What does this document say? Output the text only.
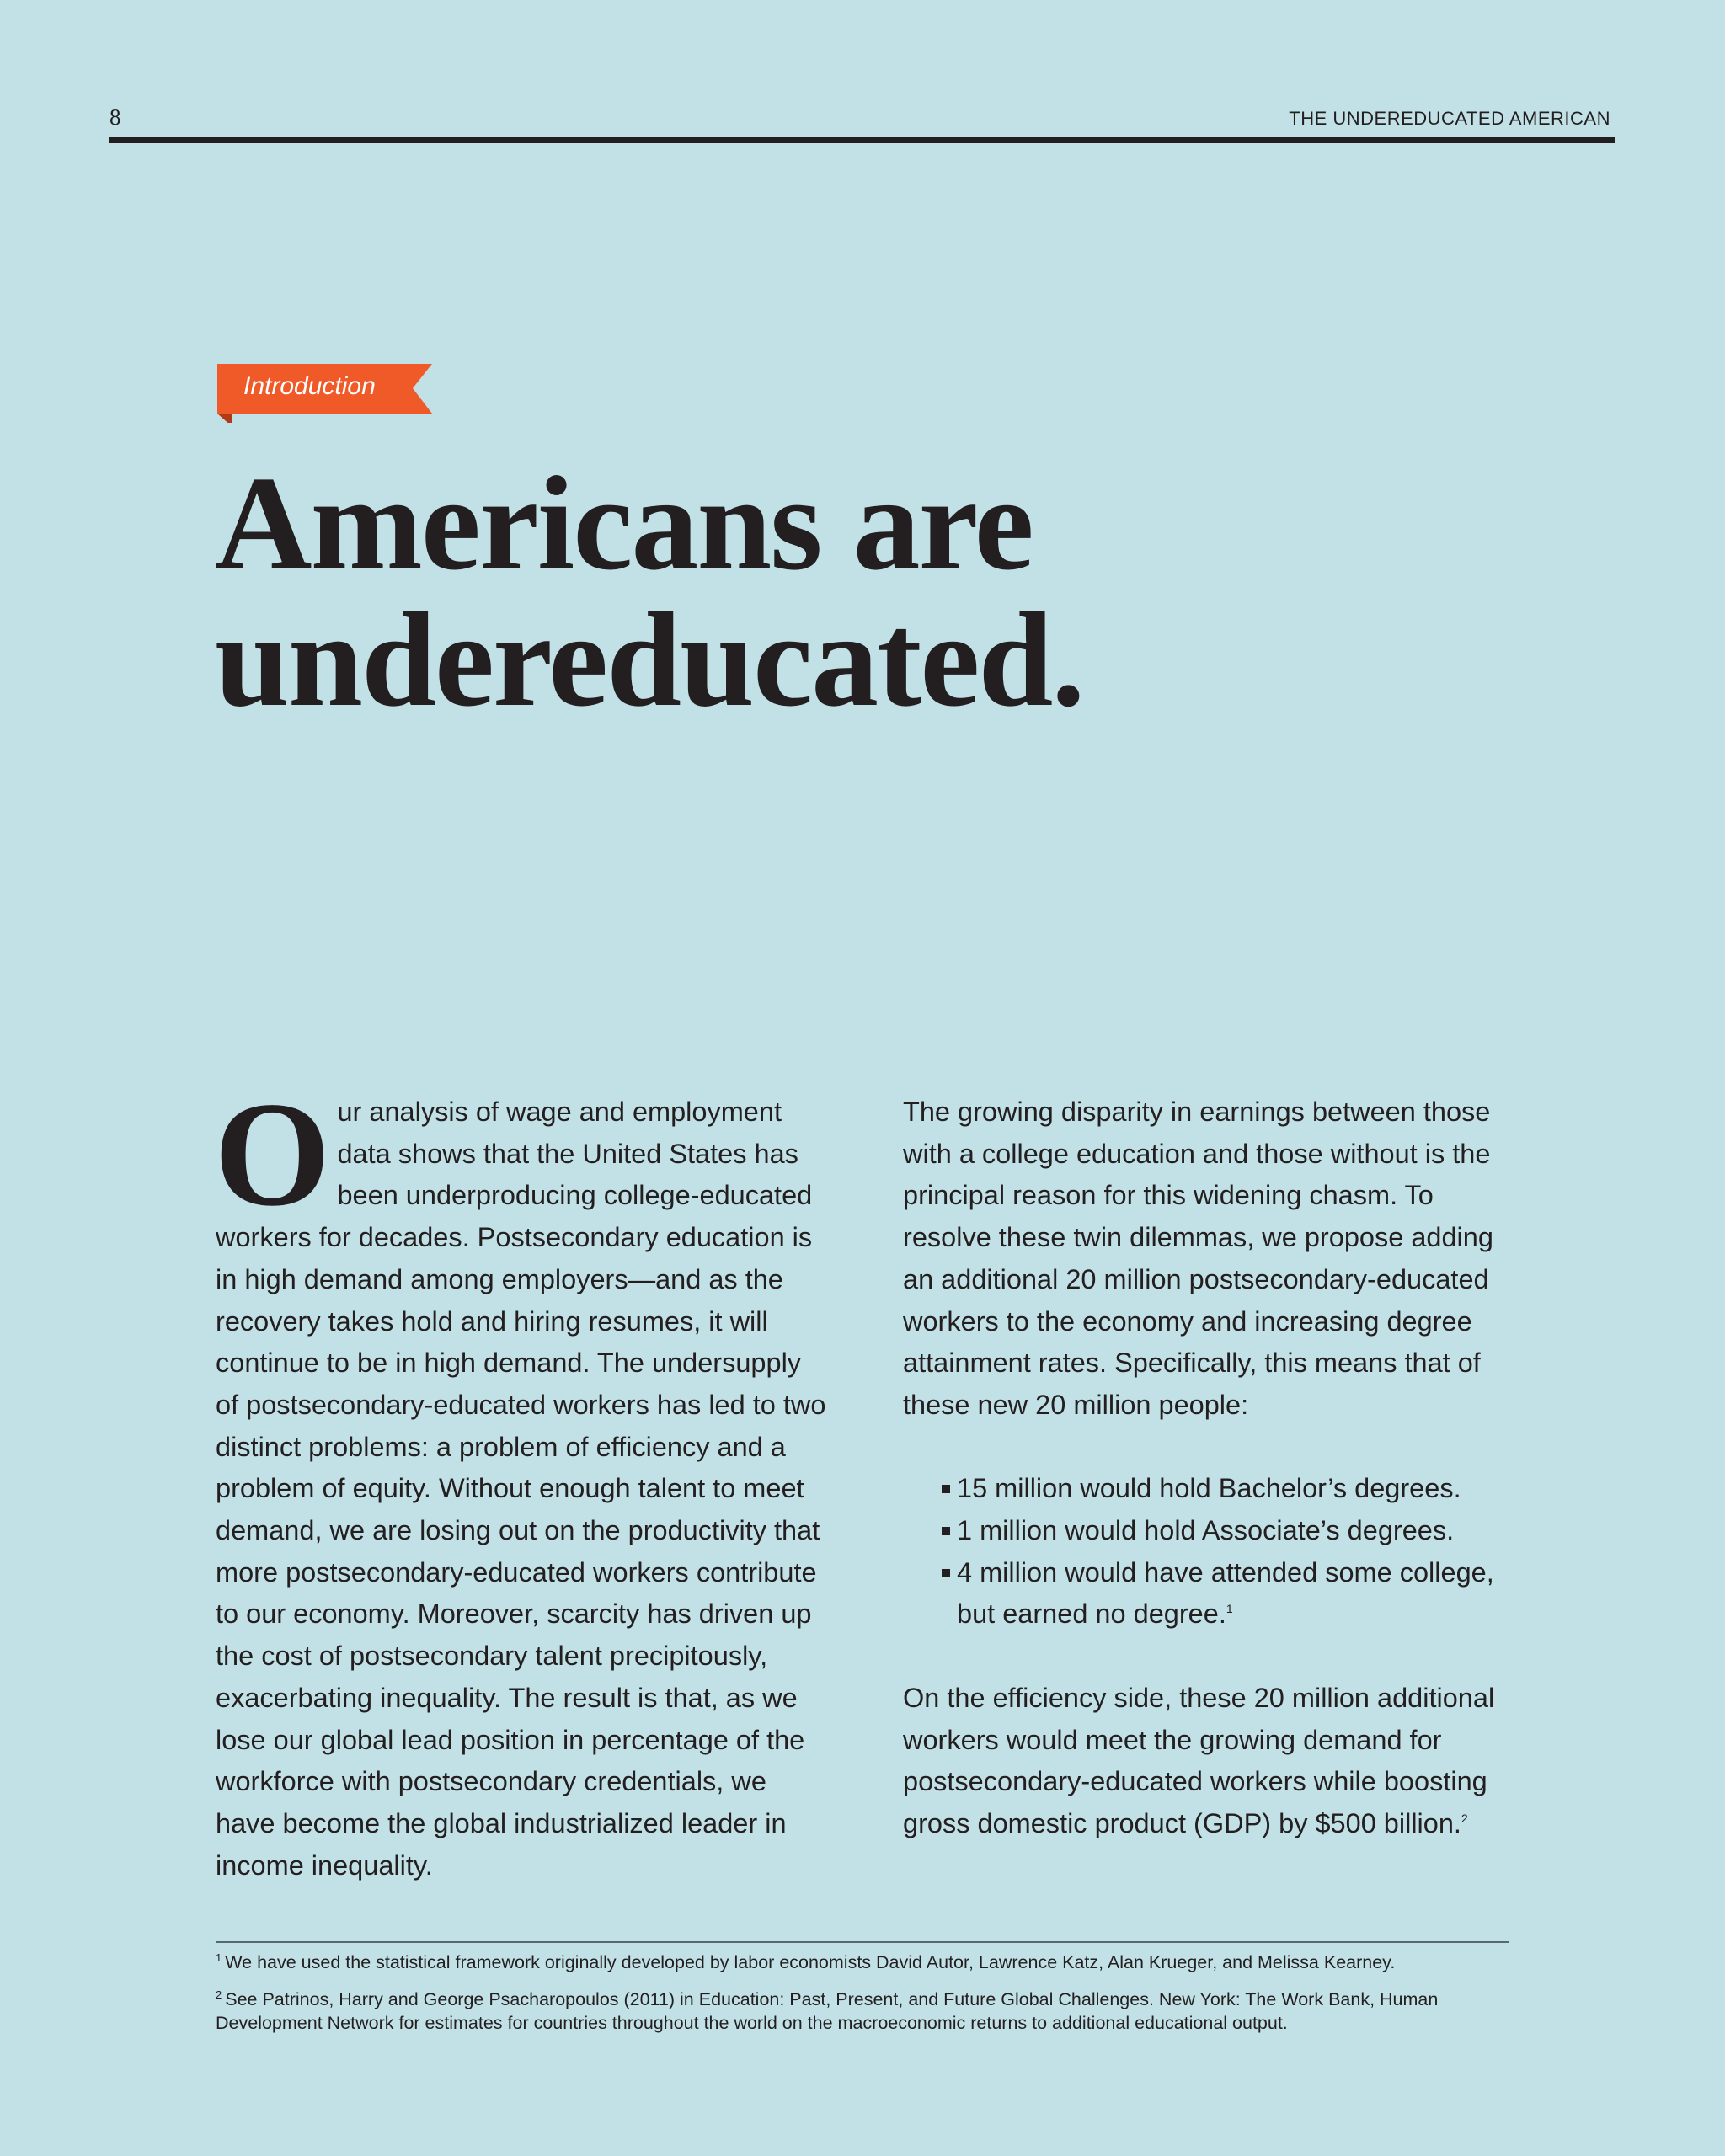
8	THE UNDEREDUCATED AMERICAN
Introduction
Americans are
undereducated.

Our analysis of wage and employment data shows that the United States has been underproducing college-educated workers for decades. Postsecondary education is in high demand among employers—and as the recovery takes hold and hiring resumes, it will continue to be in high demand. The undersupply of postsecondary-educated workers has led to two distinct problems: a problem of efficiency and a problem of equity. Without enough talent to meet demand, we are losing out on the productivity that more postsecondary-educated workers contribute to our economy. Moreover, scarcity has driven up the cost of postsecondary talent precipitously, exacerbating inequality. The result is that, as we lose our global lead position in percentage of the workforce with postsecondary credentials, we have become the global industrialized leader in income inequality.

The growing disparity in earnings between those with a college education and those without is the principal reason for this widening chasm. To resolve these twin dilemmas, we propose adding an additional 20 million postsecondary-educated workers to the economy and increasing degree attainment rates. Specifically, this means that of these new 20 million people:

15 million would hold Bachelor’s degrees.
1 million would hold Associate’s degrees.
4 million would have attended some college, but earned no degree.$^1$

On the efficiency side, these 20 million additional workers would meet the growing demand for postsecondary-educated workers while boosting gross domestic product (GDP) by $500 billion.$^2$

$^1$ We have used the statistical framework originally developed by labor economists David Autor, Lawrence Katz, Alan Krueger, and Melissa Kearney.

$^2$ See Patrinos, Harry and George Psacharopoulos (2011) in Education: Past, Present, and Future Global Challenges. New York: The Work Bank, Human Development Network for estimates for countries throughout the world on the macroeconomic returns to additional educational output.
